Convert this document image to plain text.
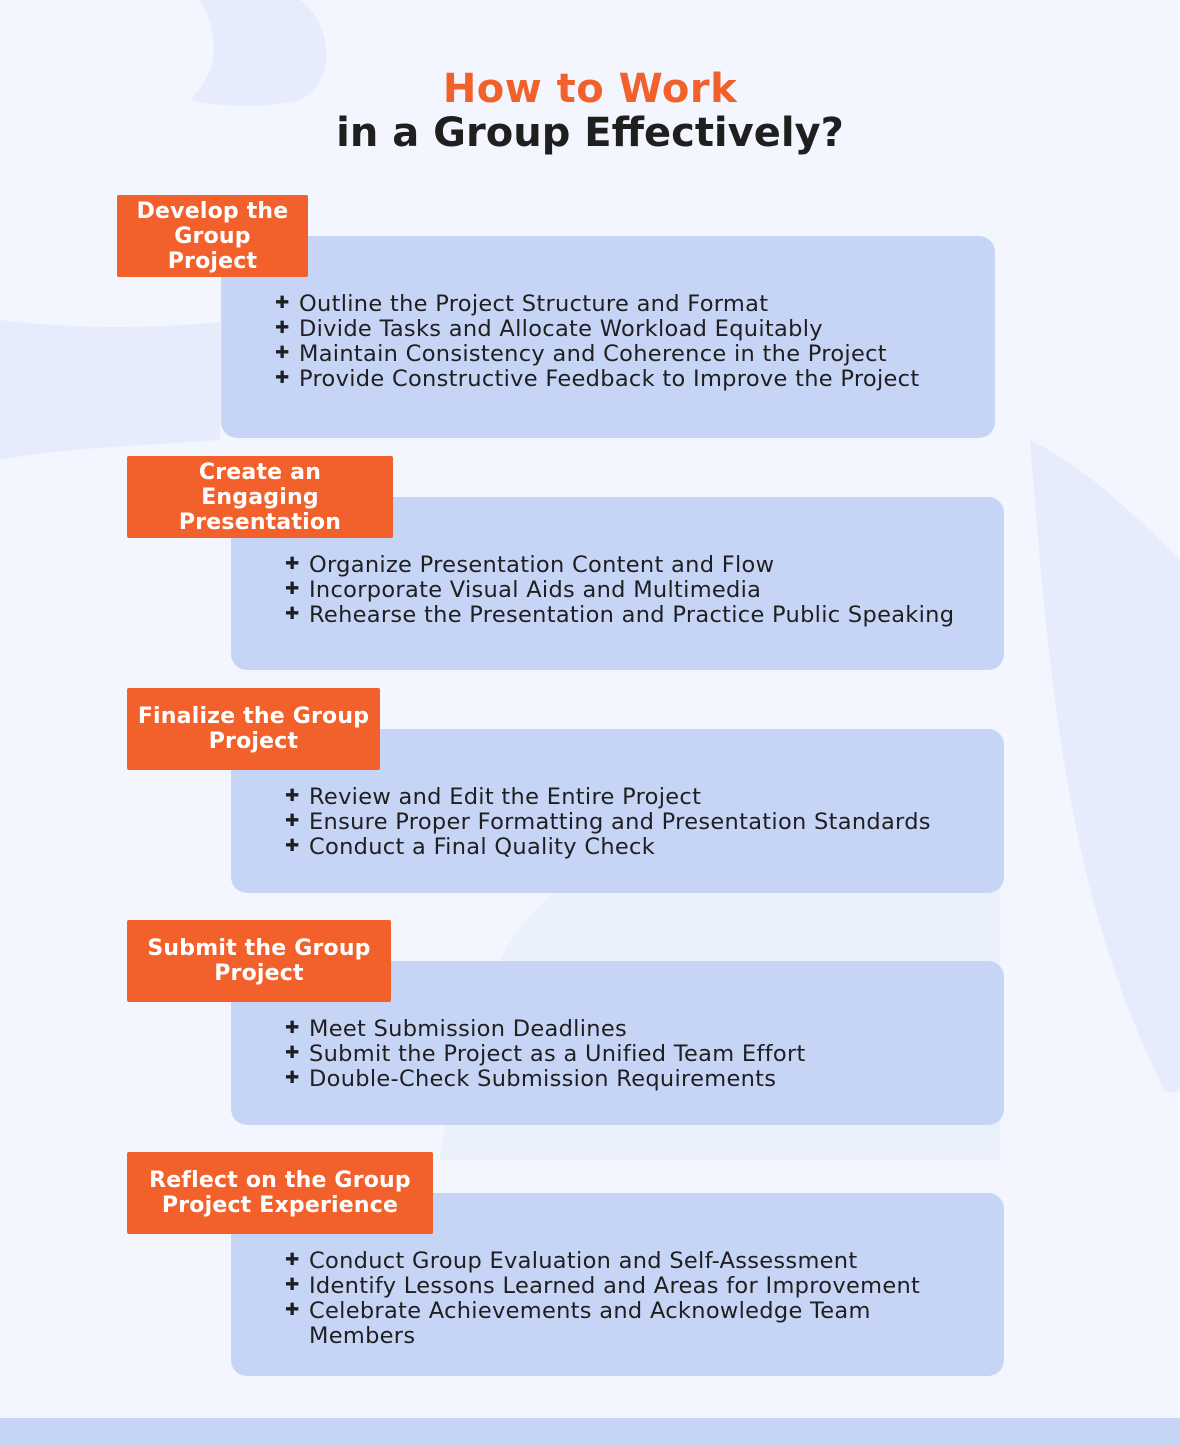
How to Work
in a Group Effectively?
Develop the Group Project
✚ Outline the Project Structure and Format
✚ Divide Tasks and Allocate Workload Equitably
✚ Maintain Consistency and Coherence in the Project
✚ Provide Constructive Feedback to Improve the Project
Create an Engaging Presentation
✚ Organize Presentation Content and Flow
✚ Incorporate Visual Aids and Multimedia
✚ Rehearse the Presentation and Practice Public Speaking
Finalize the Group Project
✚ Review and Edit the Entire Project
✚ Ensure Proper Formatting and Presentation Standards
✚ Conduct a Final Quality Check
Submit the Group Project
✚ Meet Submission Deadlines
✚ Submit the Project as a Unified Team Effort
✚ Double-Check Submission Requirements
Reflect on the Group Project Experience
✚ Conduct Group Evaluation and Self-Assessment
✚ Identify Lessons Learned and Areas for Improvement
✚ Celebrate Achievements and Acknowledge Team Members
